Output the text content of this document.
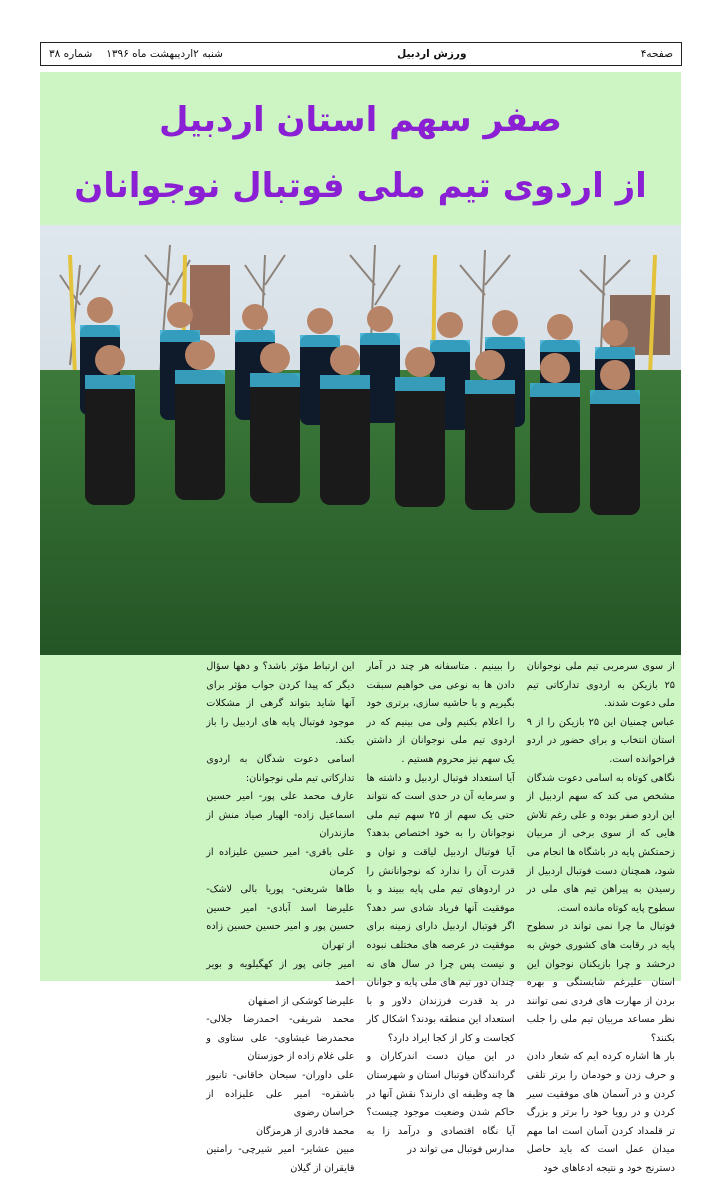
صفحه۴
ورزش اردبیل
شنبه ۲اردیبهشت ماه ۱۳۹۶
شماره ۳۸
صفر سهم استان اردبیل
از اردوی تیم ملی فوتبال نوجوانان

از سوی سرمربی تیم ملی نوجوانان ۲۵ بازیکن به اردوی تدارکاتی تیم ملی دعوت شدند.

عباس چمنیان این ۲۵ بازیکن را از ۹ استان انتخاب و برای حضور در اردو فراخوانده است.

نگاهی کوتاه به اسامی دعوت شدگان مشخص می کند که سهم اردبیل از این اردو صفر بوده و علی رغم تلاش هایی که از سوی برخی از مربیان زحمتکش پایه در باشگاه ها انجام می شود، همچنان دست فوتبال اردبیل از رسیدن به پیراهن تیم های ملی در سطوح پایه کوتاه مانده است.

فوتبال ما چرا نمی تواند در سطوح پایه در رقابت های کشوری خوش به درخشد و چرا بازیکنان نوجوان این استان علیرغم شایستگی و بهره بردن از مهارت های فردی نمی توانند نظر مساعد مربیان تیم ملی را جلب بکنند؟

بار ها اشاره کرده ایم که شعار دادن و حرف زدن و خودمان را برتر تلقی کردن و در آسمان های موفقیت سیر کردن و در رویا خود را برتر و بزرگ تر قلمداد کردن آسان است اما مهم میدان عمل است که باید حاصل دسترنج خود و نتیجه ادعاهای خود

را ببینیم . متاسفانه هر چند در آمار دادن ها به نوعی می خواهیم سبقت بگیریم و با حاشیه سازی، برتری خود را اعلام بکنیم ولی می بینیم که در اردوی تیم ملی نوجوانان از داشتن یک سهم نیز محروم هستیم .

آیا استعداد فوتبال اردبیل و داشته ها و سرمایه آن در حدی است که نتواند حتی یک سهم از ۲۵ سهم تیم ملی نوجوانان را به خود اختصاص بدهد؟ آیا فوتبال اردبیل لیاقت و توان و قدرت آن را ندارد که نوجوانانش را در اردوهای تیم ملی پایه ببیند و با موفقیت آنها فریاد شادی سر دهد؟ اگر فوتبال اردبیل دارای زمینه برای موفقیت در عرصه های مختلف نبوده و نیست پس چرا در سال های نه چندان دور تیم های ملی پایه و جوانان در ید قدرت فرزندان دلاور و با استعداد این منطقه بودند؟ اشکال کار کجاست و کار از کجا ایراد دارد؟

در این میان دست اندرکاران و گردانندگان فوتبال استان و شهرستان ها چه وظیفه ای دارند؟ نقش آنها در حاکم شدن وضعیت موجود چیست؟ آیا نگاه اقتصادی و درآمد زا به مدارس فوتبال می تواند در

این ارتباط مؤثر باشد؟ و دهها سؤال دیگر که پیدا کردن جواب مؤثر برای آنها شاید بتواند گرهی از مشکلات موجود فوتبال پایه های اردبیل را باز بکند.

اسامی دعوت شدگان به اردوی تدارکاتی تیم ملی نوجوانان:

عارف محمد علی پور- امیر حسین اسماعیل زاده- الهیار صیاد منش از مازندران

علی باقری- امیر حسین علیزاده از کرمان

طاها شریعتی- پوریا بالی لاشک-علیرضا اسد آبادی- امیر حسین حسین پور و امیر حسین حسین زاده از تهران

امیر جانی پور از کهگیلویه و بویر احمد

علیرضا کوشکی از اصفهان

محمد شریفی- احمدرضا جلالی-محمدرضا غیشاوی- علی ستاوی و علی غلام زاده از خوزستان

علی داوران- سبحان خاقانی- تانیور باشقره- امیر علی علیزاده از خراسان رضوی

محمد قادری از هرمزگان

مبین عشایر- امیر شیرچی- رامتین قایقران از گیلان
